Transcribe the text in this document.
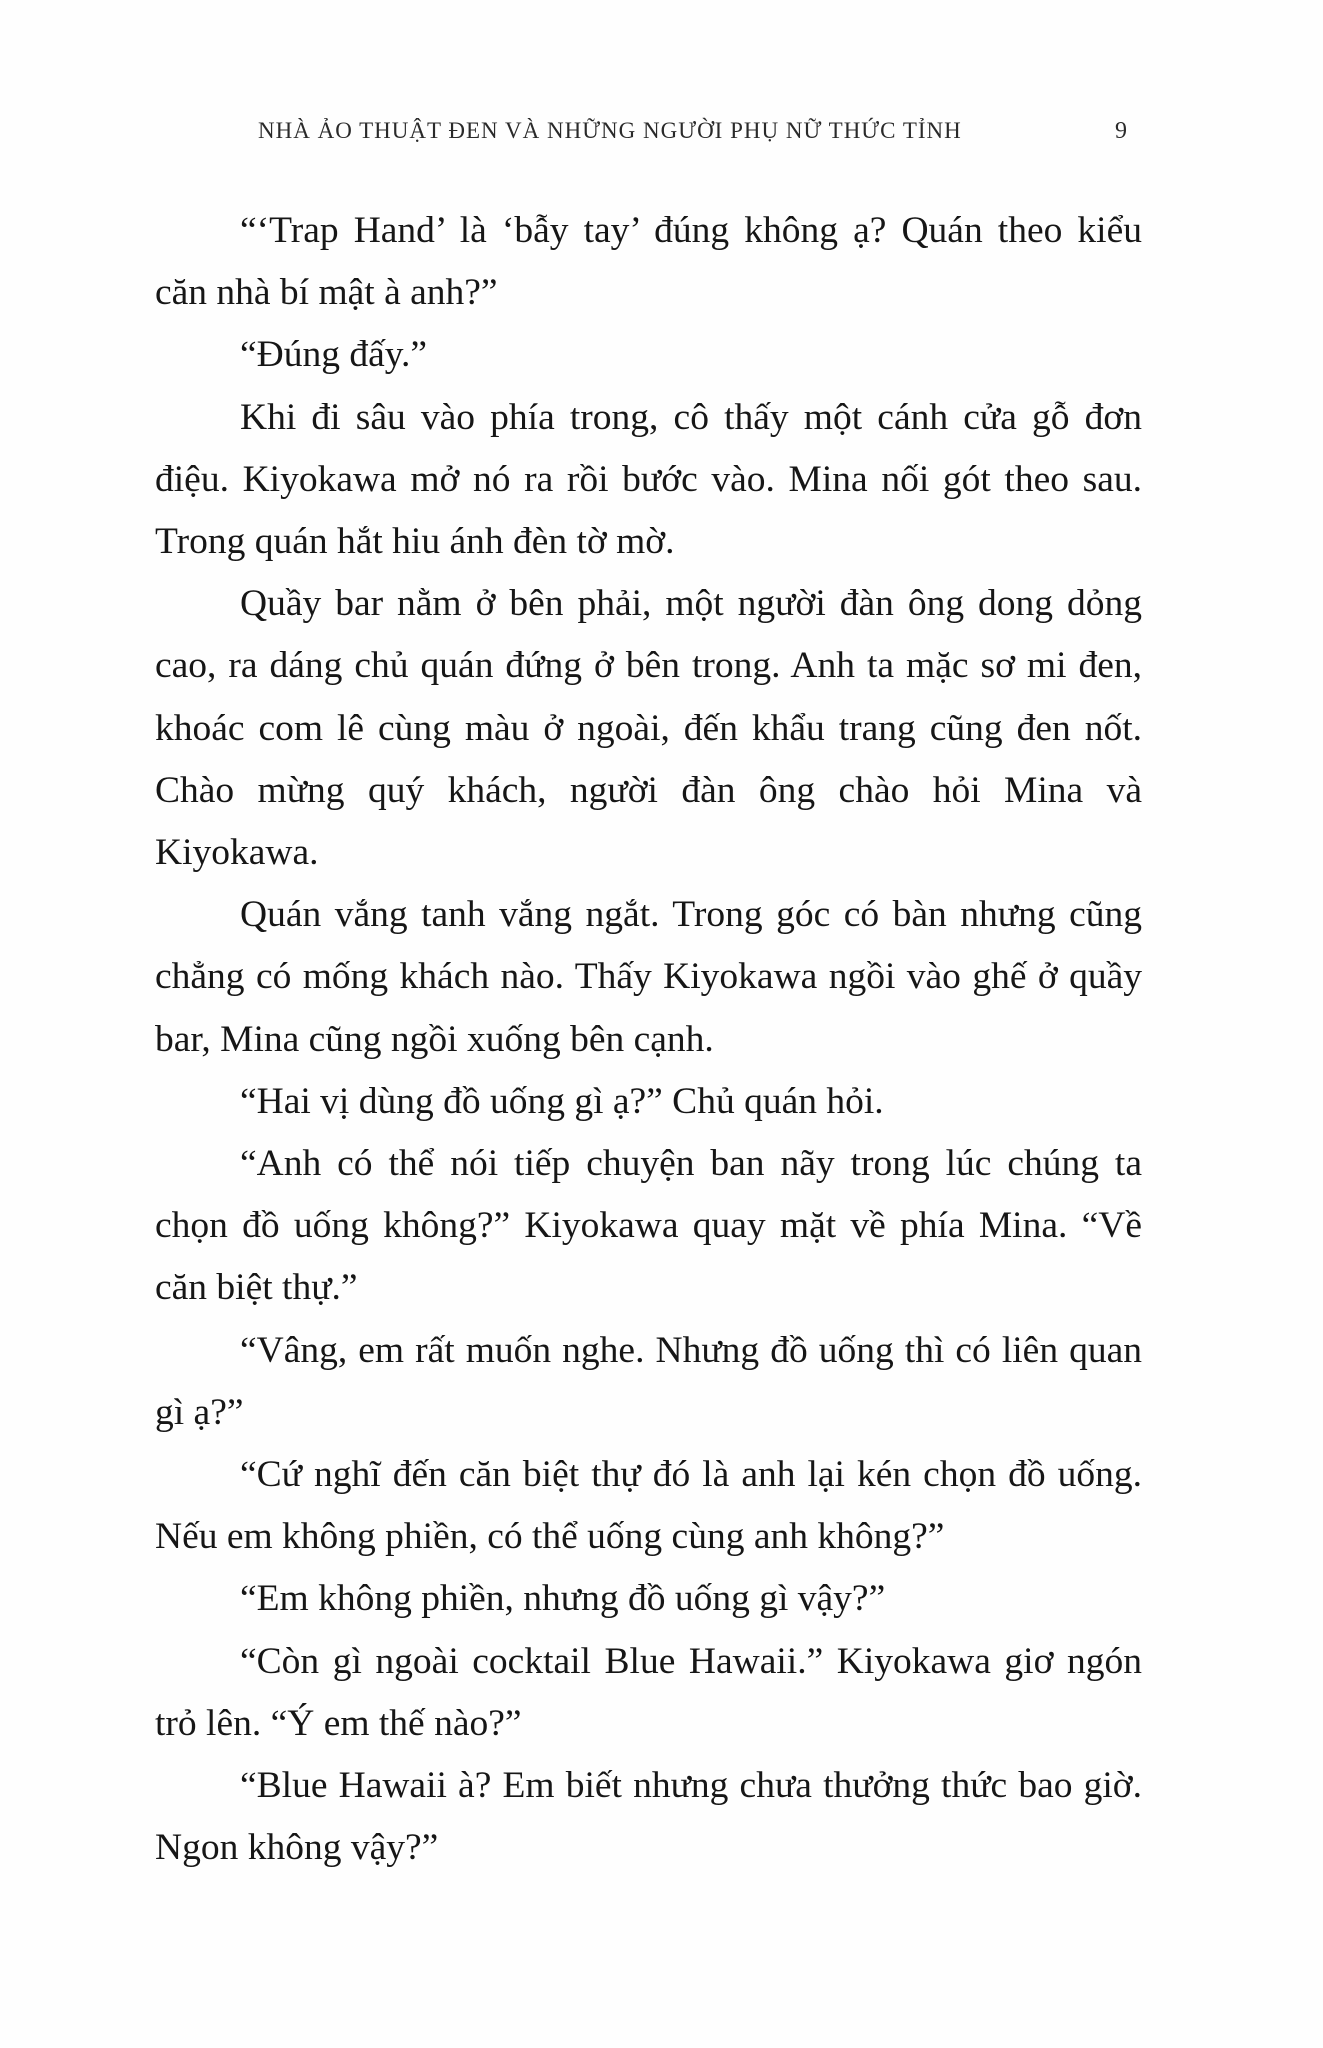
NHÀ ẢO THUẬT ĐEN VÀ NHỮNG NGƯỜI PHỤ NỮ THỨC TỈNH	9

“‘Trap Hand’ là ‘bẫy tay’ đúng không ạ? Quán theo kiểu căn nhà bí mật à anh?”

“Đúng đấy.”

Khi đi sâu vào phía trong, cô thấy một cánh cửa gỗ đơn điệu. Kiyokawa mở nó ra rồi bước vào. Mina nối gót theo sau. Trong quán hắt hiu ánh đèn tờ mờ.

Quầy bar nằm ở bên phải, một người đàn ông dong dỏng cao, ra dáng chủ quán đứng ở bên trong. Anh ta mặc sơ mi đen, khoác com lê cùng màu ở ngoài, đến khẩu trang cũng đen nốt. Chào mừng quý khách, người đàn ông chào hỏi Mina và Kiyokawa.

Quán vắng tanh vắng ngắt. Trong góc có bàn nhưng cũng chẳng có mống khách nào. Thấy Kiyokawa ngồi vào ghế ở quầy bar, Mina cũng ngồi xuống bên cạnh.

“Hai vị dùng đồ uống gì ạ?” Chủ quán hỏi.

“Anh có thể nói tiếp chuyện ban nãy trong lúc chúng ta chọn đồ uống không?” Kiyokawa quay mặt về phía Mina. “Về căn biệt thự.”

“Vâng, em rất muốn nghe. Nhưng đồ uống thì có liên quan gì ạ?”

“Cứ nghĩ đến căn biệt thự đó là anh lại kén chọn đồ uống. Nếu em không phiền, có thể uống cùng anh không?”

“Em không phiền, nhưng đồ uống gì vậy?”

“Còn gì ngoài cocktail Blue Hawaii.” Kiyokawa giơ ngón trỏ lên. “Ý em thế nào?”

“Blue Hawaii à? Em biết nhưng chưa thưởng thức bao giờ. Ngon không vậy?”
